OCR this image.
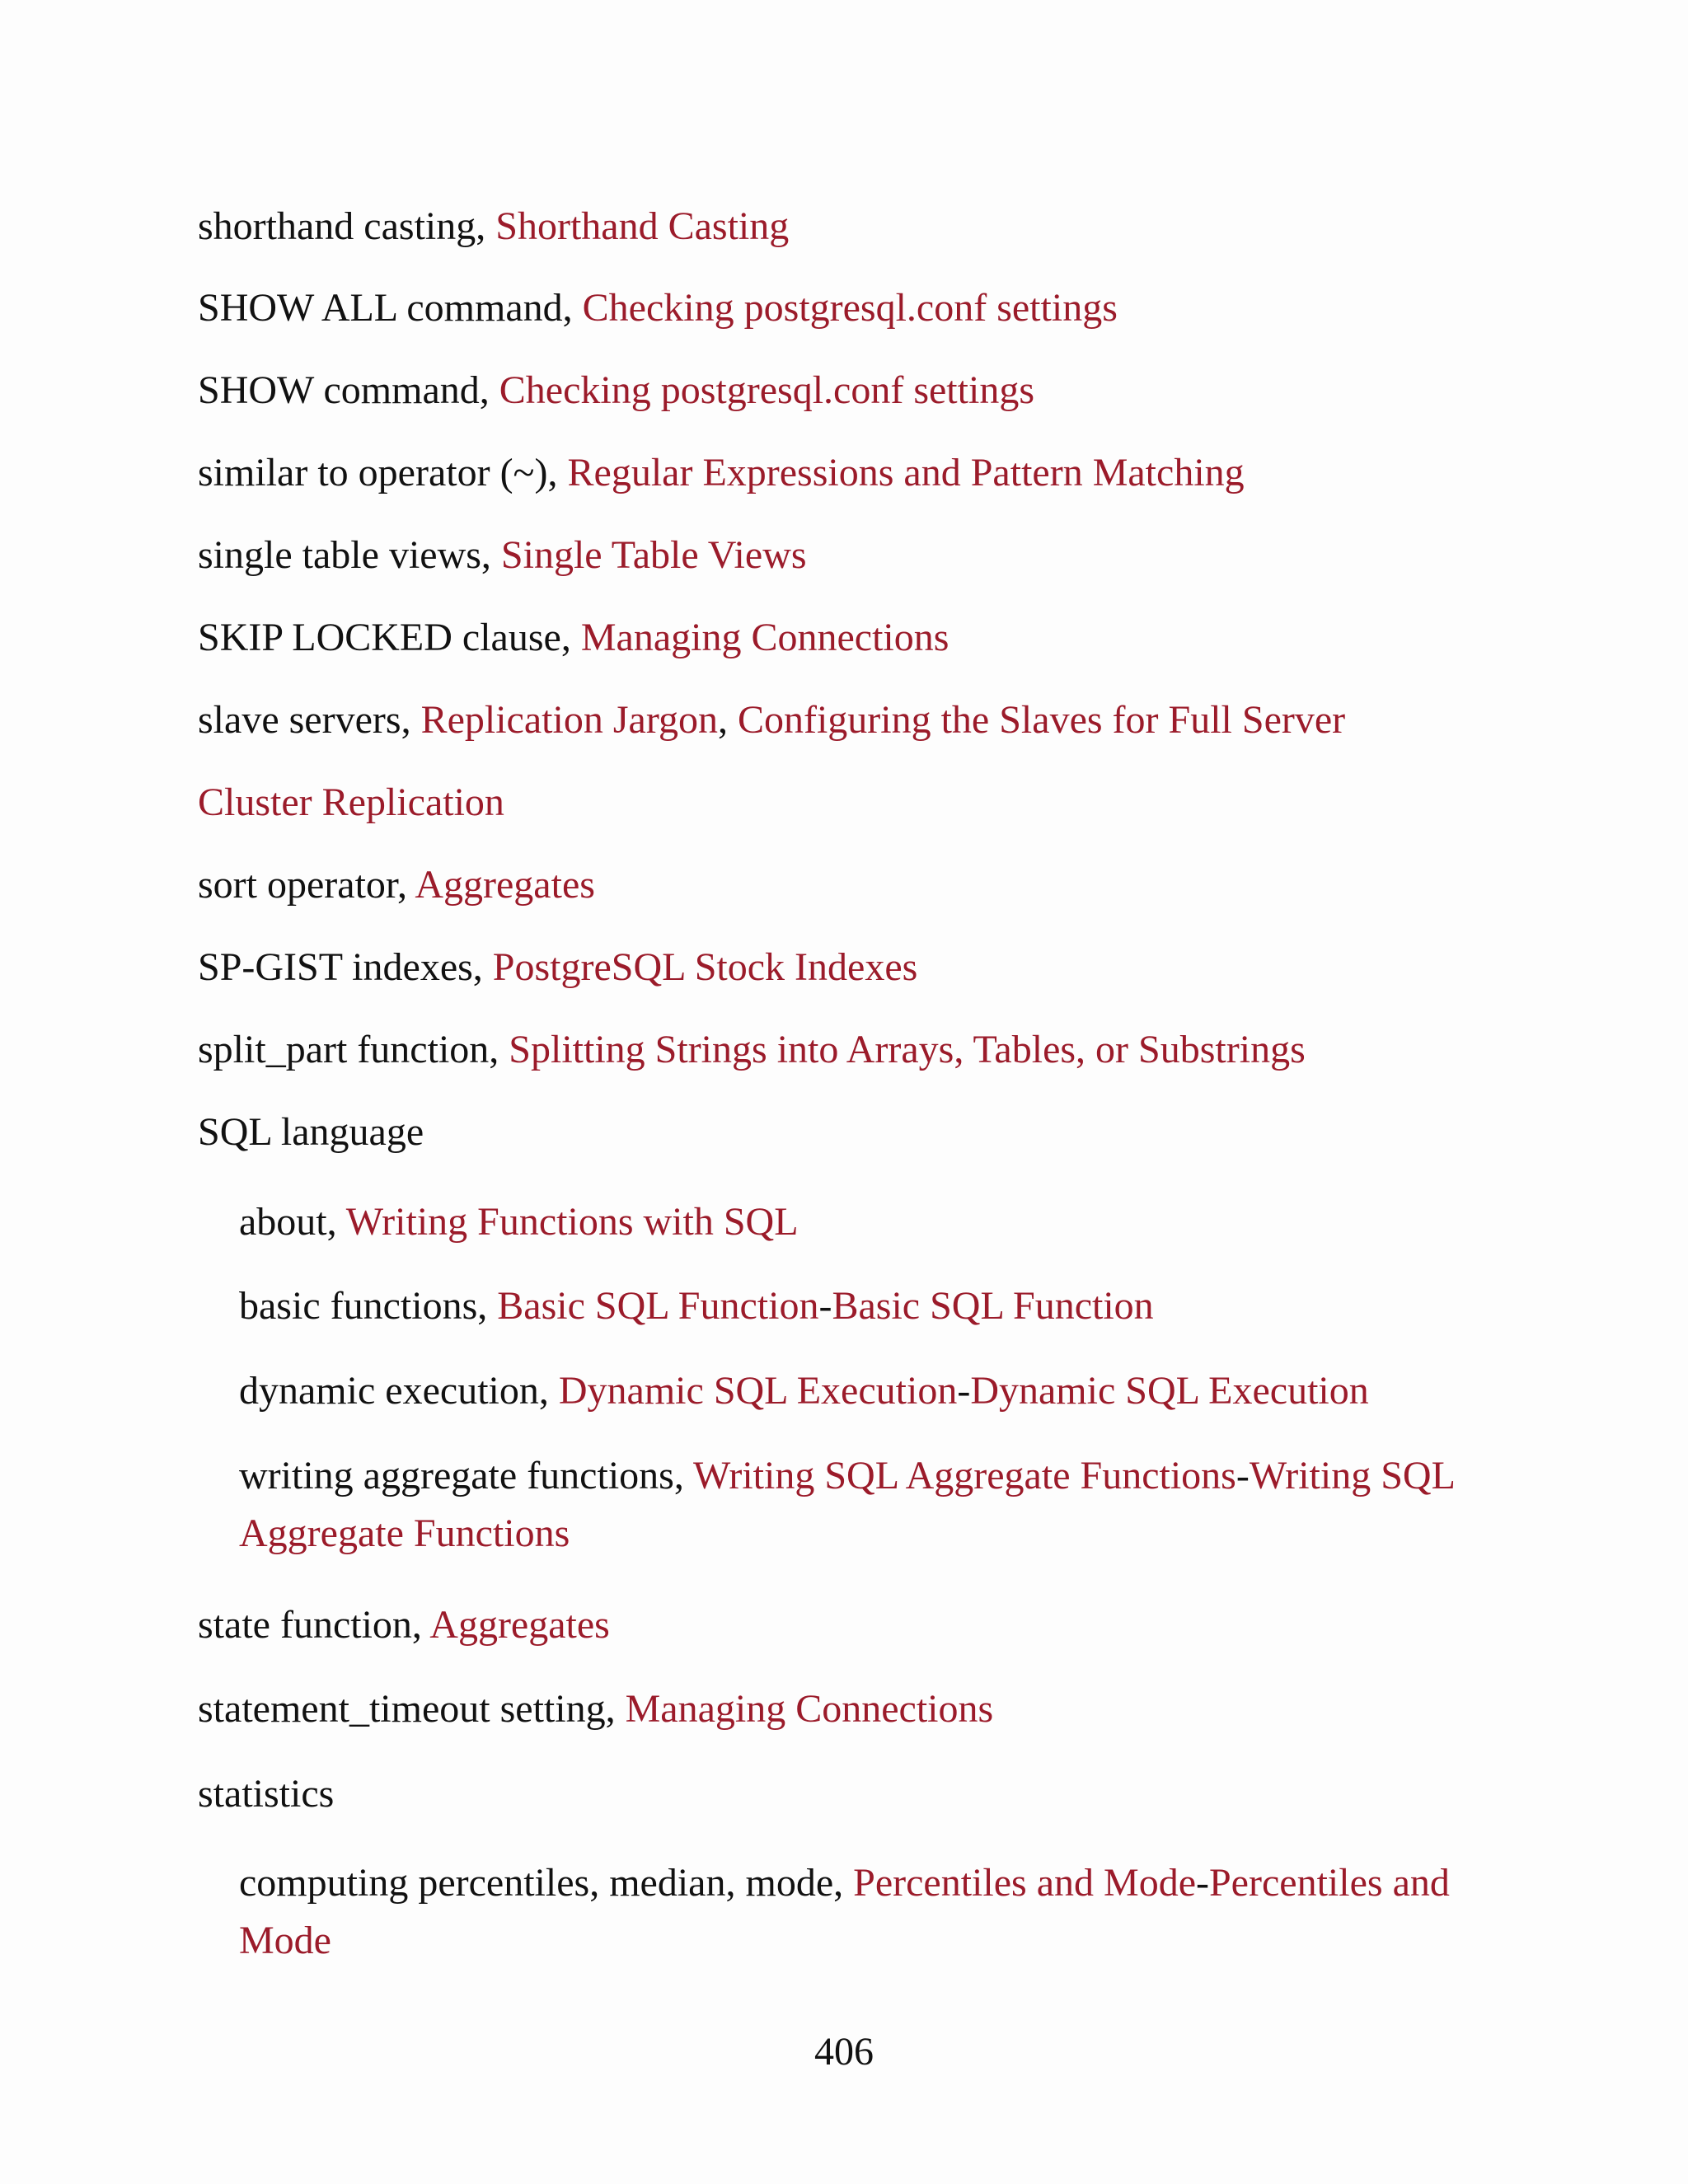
shorthand casting, Shorthand Casting
SHOW ALL command, Checking postgresql.conf settings
SHOW command, Checking postgresql.conf settings
similar to operator (~), Regular Expressions and Pattern Matching
single table views, Single Table Views
SKIP LOCKED clause, Managing Connections
slave servers, Replication Jargon, Configuring the Slaves for Full Server
Cluster Replication
sort operator, Aggregates
SP-GIST indexes, PostgreSQL Stock Indexes
split_part function, Splitting Strings into Arrays, Tables, or Substrings
SQL language
about, Writing Functions with SQL
basic functions, Basic SQL Function-Basic SQL Function
dynamic execution, Dynamic SQL Execution-Dynamic SQL Execution
writing aggregate functions, Writing SQL Aggregate Functions-Writing SQL Aggregate Functions
state function, Aggregates
statement_timeout setting, Managing Connections
statistics
computing percentiles, median, mode, Percentiles and Mode-Percentiles and Mode
406
